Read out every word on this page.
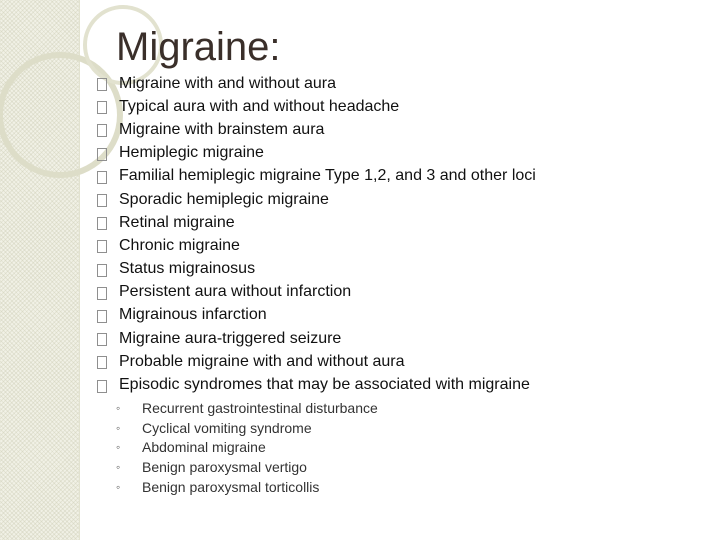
Migraine:
Migraine with and without aura
Typical aura with and without headache
Migraine with brainstem aura
Hemiplegic migraine
Familial hemiplegic migraine Type 1,2, and 3 and other loci
Sporadic hemiplegic migraine
Retinal migraine
Chronic migraine
Status migrainosus
Persistent aura without infarction
Migrainous infarction
Migraine aura-triggered seizure
Probable migraine with and without aura
Episodic syndromes that may be associated with migraine
◦	Recurrent gastrointestinal disturbance
◦	Cyclical vomiting syndrome
◦	Abdominal migraine
◦	Benign paroxysmal vertigo
◦	Benign paroxysmal torticollis
